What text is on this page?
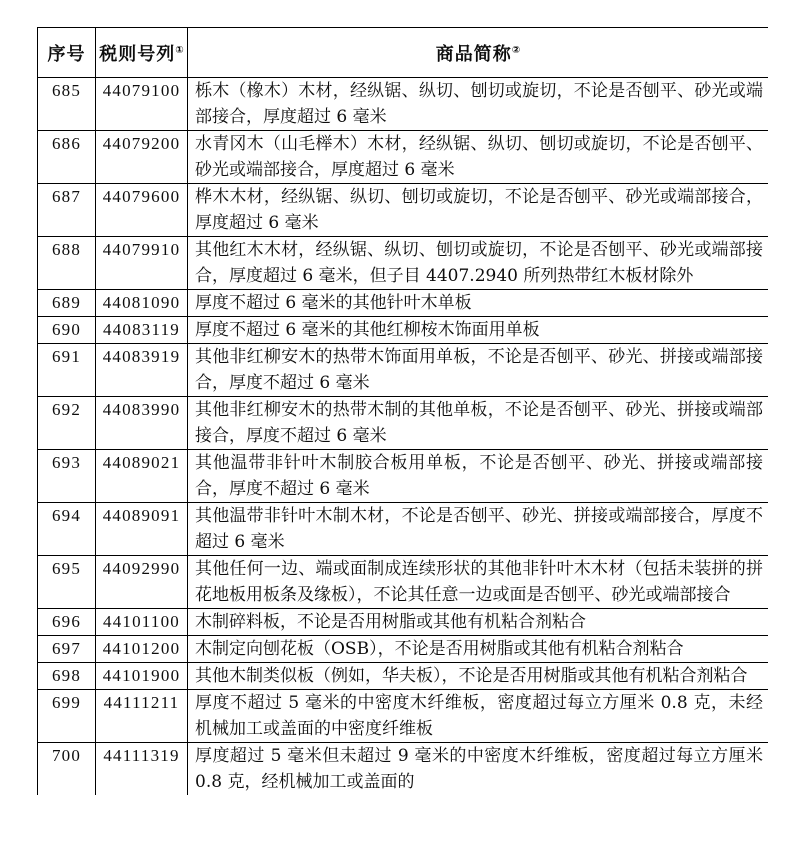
序号	税则号列①	商品简称②
685	44079100	栎木（橡木）木材，经纵锯、纵切、刨切或旋切，不论是否刨平、砂光或端部接合，厚度超过 6 毫米
686	44079200	水青冈木（山毛榉木）木材，经纵锯、纵切、刨切或旋切，不论是否刨平、砂光或端部接合，厚度超过 6 毫米
687	44079600	桦木木材，经纵锯、纵切、刨切或旋切，不论是否刨平、砂光或端部接合，厚度超过 6 毫米
688	44079910	其他红木木材，经纵锯、纵切、刨切或旋切，不论是否刨平、砂光或端部接合，厚度超过 6 毫米，但子目 4407.2940 所列热带红木板材除外
689	44081090	厚度不超过 6 毫米的其他针叶木单板
690	44083119	厚度不超过 6 毫米的其他红柳桉木饰面用单板
691	44083919	其他非红柳安木的热带木饰面用单板，不论是否刨平、砂光、拼接或端部接合，厚度不超过 6 毫米
692	44083990	其他非红柳安木的热带木制的其他单板，不论是否刨平、砂光、拼接或端部接合，厚度不超过 6 毫米
693	44089021	其他温带非针叶木制胶合板用单板，不论是否刨平、砂光、拼接或端部接合，厚度不超过 6 毫米
694	44089091	其他温带非针叶木制木材，不论是否刨平、砂光、拼接或端部接合，厚度不超过 6 毫米
695	44092990	其他任何一边、端或面制成连续形状的其他非针叶木木材（包括未装拼的拼花地板用板条及缘板），不论其任意一边或面是否刨平、砂光或端部接合
696	44101100	木制碎料板，不论是否用树脂或其他有机粘合剂粘合
697	44101200	木制定向刨花板（OSB），不论是否用树脂或其他有机粘合剂粘合
698	44101900	其他木制类似板（例如，华夫板），不论是否用树脂或其他有机粘合剂粘合
699	44111211	厚度不超过 5 毫米的中密度木纤维板，密度超过每立方厘米 0.8 克，未经机械加工或盖面的中密度纤维板
700	44111319	厚度超过 5 毫米但未超过 9 毫米的中密度木纤维板，密度超过每立方厘米 0.8 克，经机械加工或盖面的
